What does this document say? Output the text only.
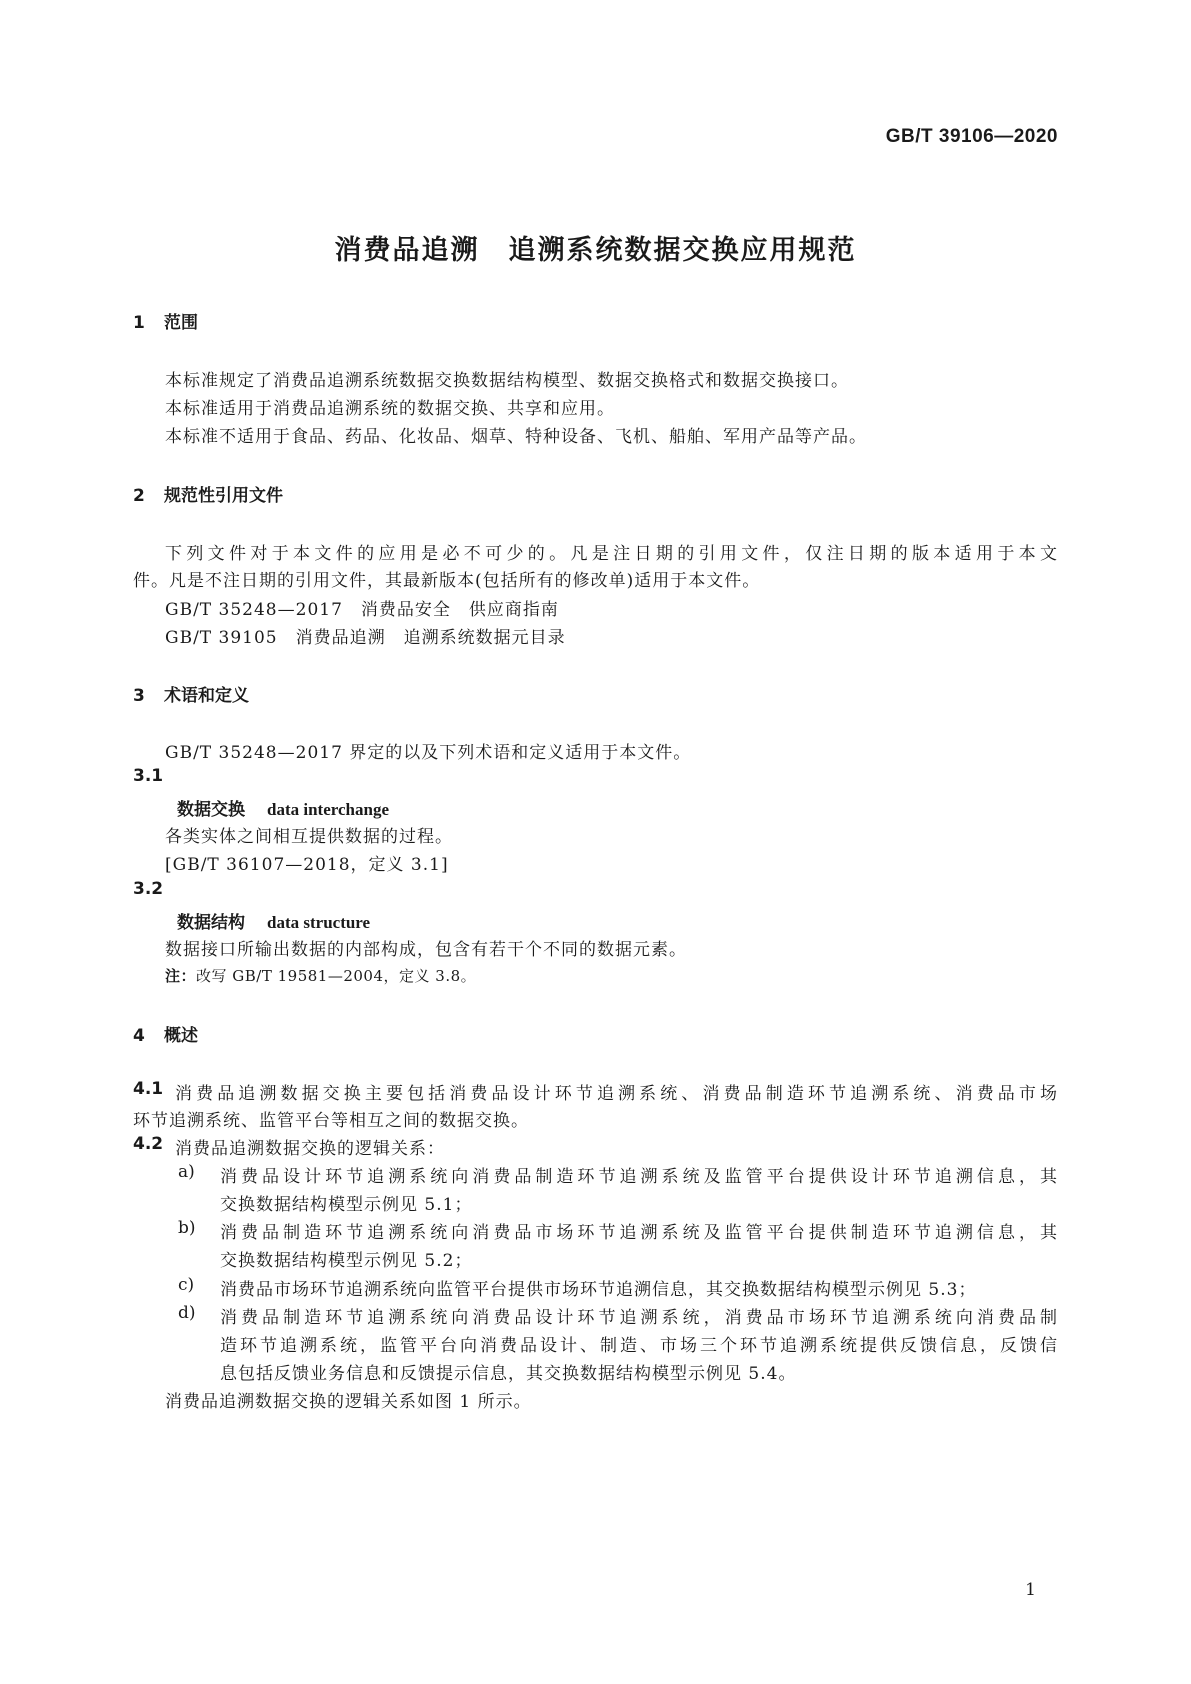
GB/T 39106—2020
消费品追溯　追溯系统数据交换应用规范
1 范围
本标准规定了消费品追溯系统数据交换数据结构模型、数据交换格式和数据交换接口。
本标准适用于消费品追溯系统的数据交换、共享和应用。
本标准不适用于食品、药品、化妆品、烟草、特种设备、飞机、船舶、军用产品等产品。
2 规范性引用文件
下列文件对于本文件的应用是必不可少的。凡是注日期的引用文件，仅注日期的版本适用于本文
件。凡是不注日期的引用文件，其最新版本(包括所有的修改单)适用于本文件。
GB/T 35248—2017　消费品安全　供应商指南
GB/T 39105　消费品追溯　追溯系统数据元目录
3 术语和定义
GB/T 35248—2017 界定的以及下列术语和定义适用于本文件。
3.1
数据交换 data interchange
各类实体之间相互提供数据的过程。
[GB/T 36107—2018，定义 3.1]
3.2
数据结构 data structure
数据接口所输出数据的内部构成，包含有若干个不同的数据元素。
注：改写 GB/T 19581—2004，定义 3.8。
4 概述
4.1 消费品追溯数据交换主要包括消费品设计环节追溯系统、消费品制造环节追溯系统、消费品市场
环节追溯系统、监管平台等相互之间的数据交换。
4.2 消费品追溯数据交换的逻辑关系：
a) 消费品设计环节追溯系统向消费品制造环节追溯系统及监管平台提供设计环节追溯信息，其
交换数据结构模型示例见 5.1；
b) 消费品制造环节追溯系统向消费品市场环节追溯系统及监管平台提供制造环节追溯信息，其
交换数据结构模型示例见 5.2；
c) 消费品市场环节追溯系统向监管平台提供市场环节追溯信息，其交换数据结构模型示例见 5.3；
d) 消费品制造环节追溯系统向消费品设计环节追溯系统，消费品市场环节追溯系统向消费品制
造环节追溯系统，监管平台向消费品设计、制造、市场三个环节追溯系统提供反馈信息，反馈信
息包括反馈业务信息和反馈提示信息，其交换数据结构模型示例见 5.4。
消费品追溯数据交换的逻辑关系如图 1 所示。
1
